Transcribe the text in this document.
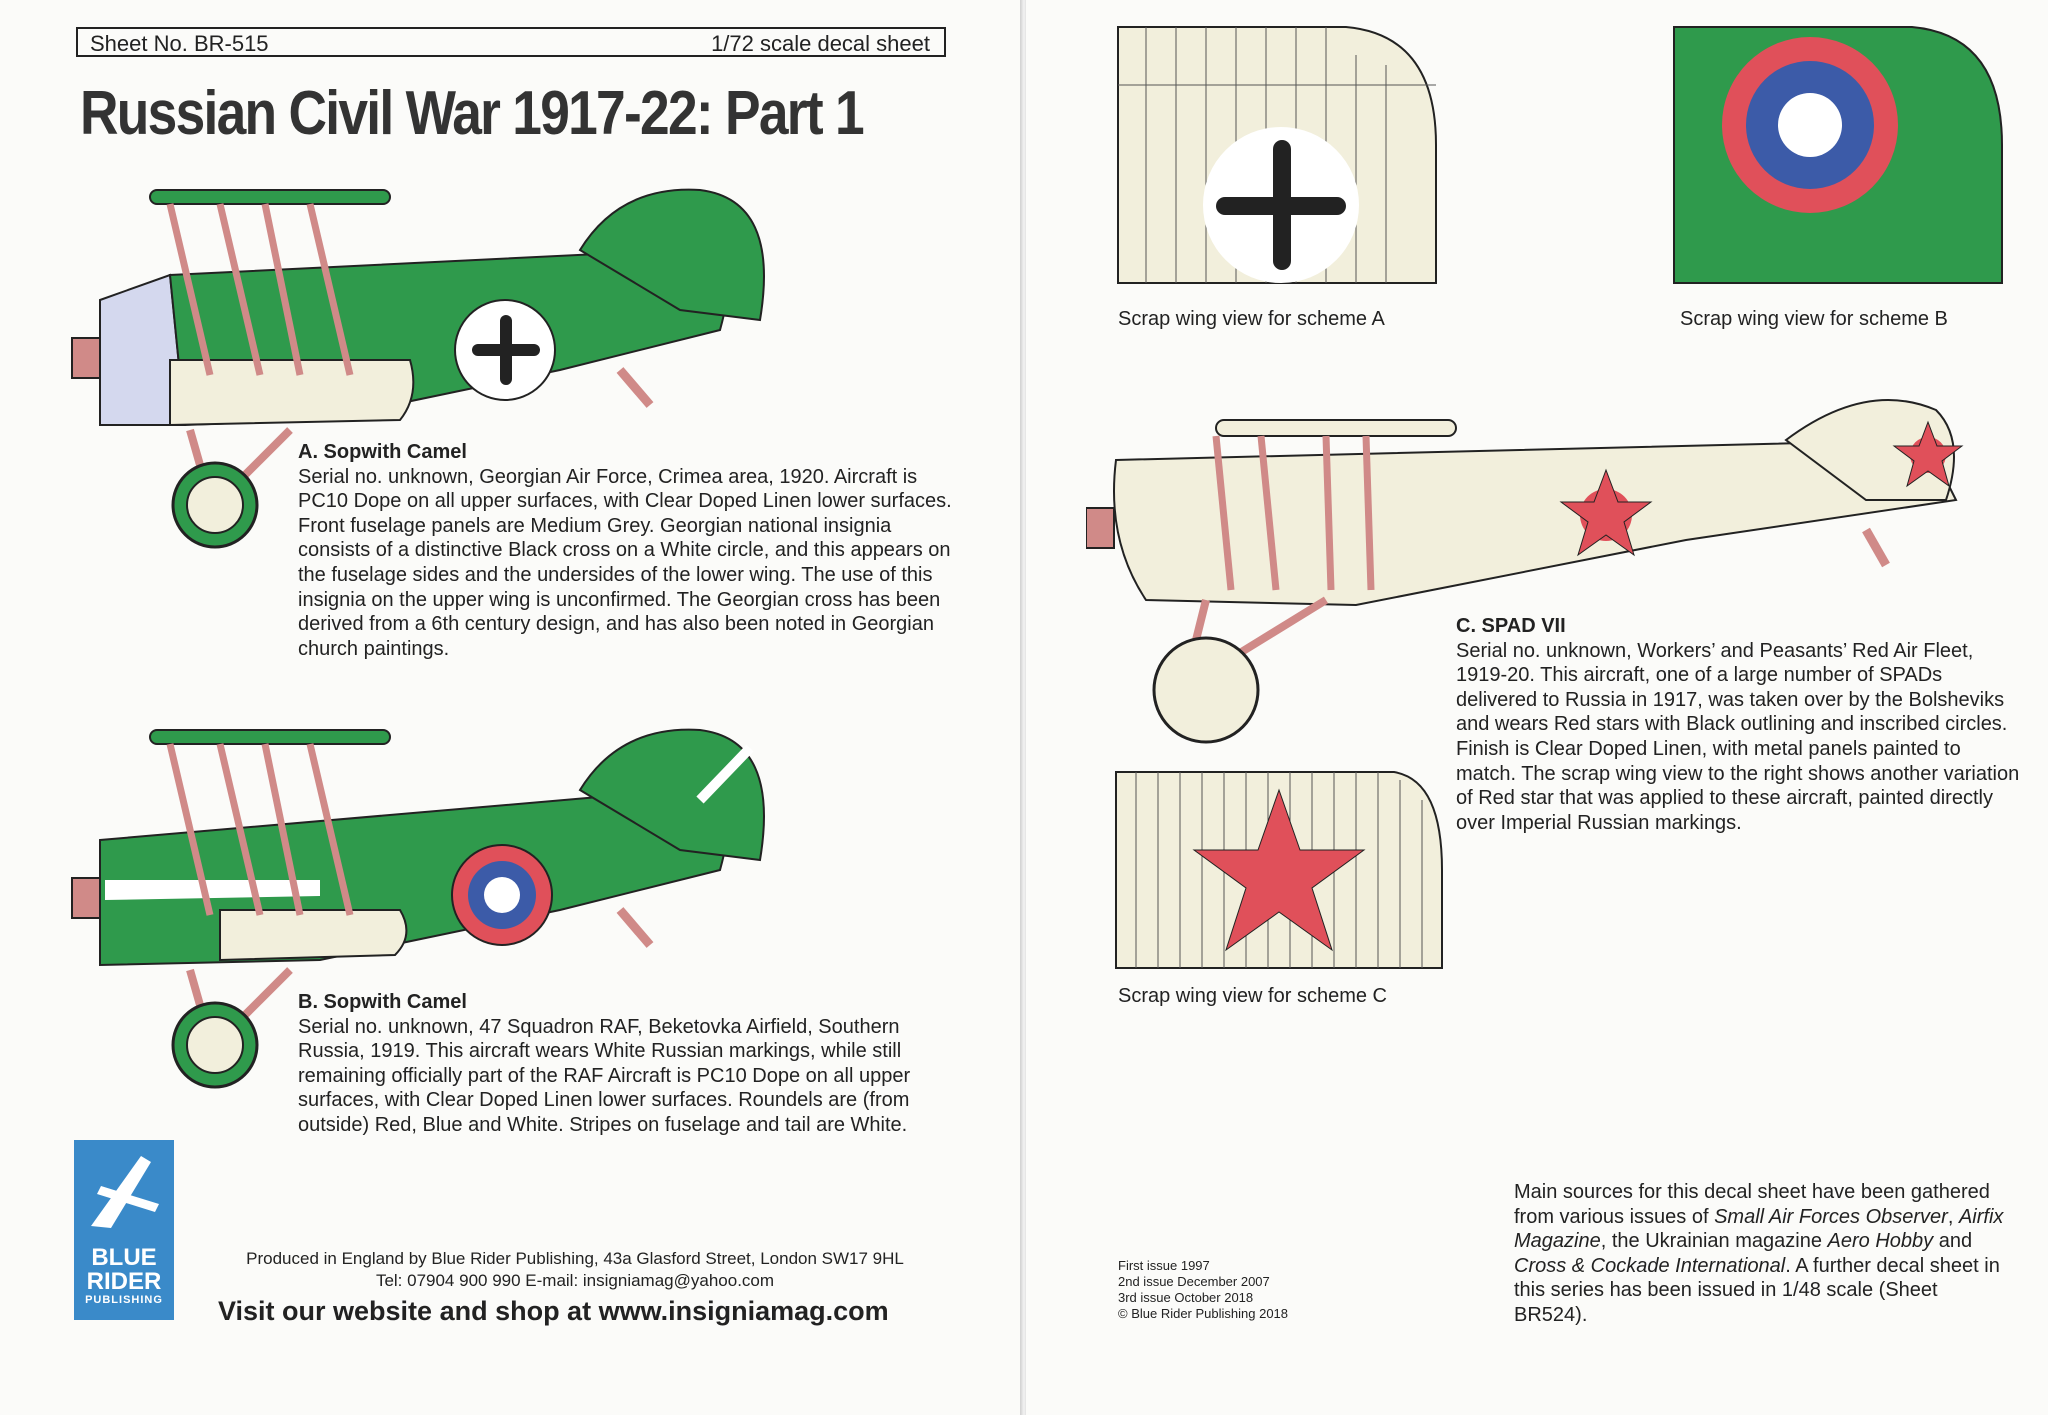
Sheet No. BR-515	1/72 scale decal sheet
Russian Civil War 1917-22: Part 1
A. Sopwith Camel
Serial no. unknown, Georgian Air Force, Crimea area, 1920. Aircraft is PC10 Dope on all upper surfaces, with Clear Doped Linen lower surfaces. Front fuselage panels are Medium Grey. Georgian national insignia consists of a distinctive Black cross on a White circle, and this appears on the fuselage sides and the undersides of the lower wing. The use of this insignia on the upper wing is unconfirmed. The Georgian cross has been derived from a 6th century design, and has also been noted in Georgian church paintings.
B. Sopwith Camel
Serial no. unknown, 47 Squadron RAF, Beketovka Airfield, Southern Russia, 1919. This aircraft wears White Russian markings, while still remaining officially part of the RAF Aircraft is PC10 Dope on all upper surfaces, with Clear Doped Linen lower surfaces. Roundels are (from outside) Red, Blue and White. Stripes on fuselage and tail are White.
BLUE
RIDER
PUBLISHING
Produced in England by Blue Rider Publishing, 43a Glasford Street, London SW17 9HL
Tel: 07904 900 990 E-mail: insigniamag@yahoo.com
Visit our website and shop at www.insigniamag.com
Scrap wing view for scheme A	Scrap wing view for scheme B
C. SPAD VII
Serial no. unknown, Workers’ and Peasants’ Red Air Fleet, 1919-20. This aircraft, one of a large number of SPADs delivered to Russia in 1917, was taken over by the Bolsheviks and wears Red stars with Black outlining and inscribed circles. Finish is Clear Doped Linen, with metal panels painted to match. The scrap wing view to the right shows another variation of Red star that was applied to these aircraft, painted directly over Imperial Russian markings.
Scrap wing view for scheme C
First issue 1997
2nd issue December 2007
3rd issue October 2018
© Blue Rider Publishing 2018
Main sources for this decal sheet have been gathered from various issues of Small Air Forces Observer, Airfix Magazine, the Ukrainian magazine Aero Hobby and Cross & Cockade International. A further decal sheet in this series has been issued in 1/48 scale (Sheet BR524).
